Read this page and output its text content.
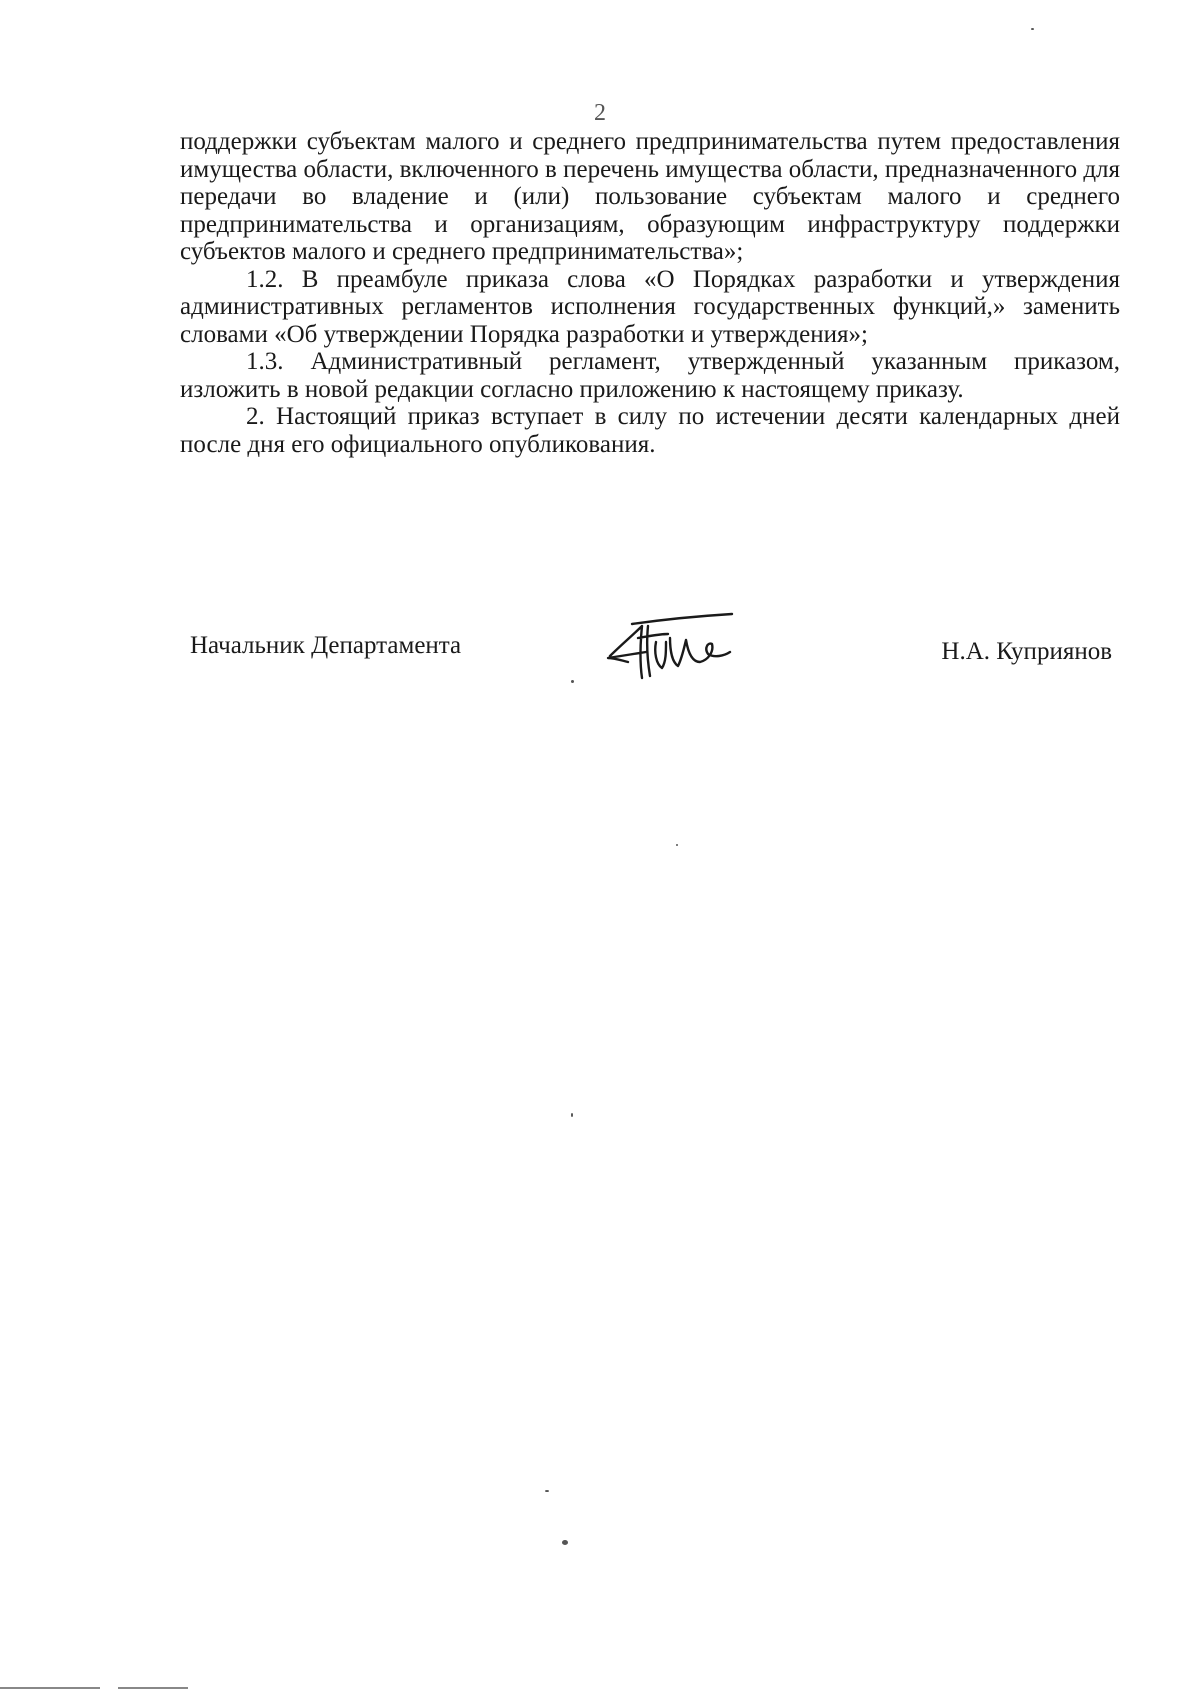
2

поддержки субъектам малого и среднего предпринимательства путем предоставления имущества области, включенного в перечень имущества области, предназначенного для передачи во владение и (или) пользование субъектам малого и среднего предпринимательства и организациям, образующим инфраструктуру поддержки субъектов малого и среднего предпринимательства»;

1.2. В преамбуле приказа слова «О Порядках разработки и утверждения административных регламентов исполнения государственных функций,» заменить словами «Об утверждении Порядка разработки и утверждения»;

1.3. Административный регламент, утвержденный указанным приказом, изложить в новой редакции согласно приложению к настоящему приказу.

2. Настоящий приказ вступает в силу по истечении десяти календарных дней после дня его официального опубликования.

Начальник Департамента	Н.А. Куприянов
